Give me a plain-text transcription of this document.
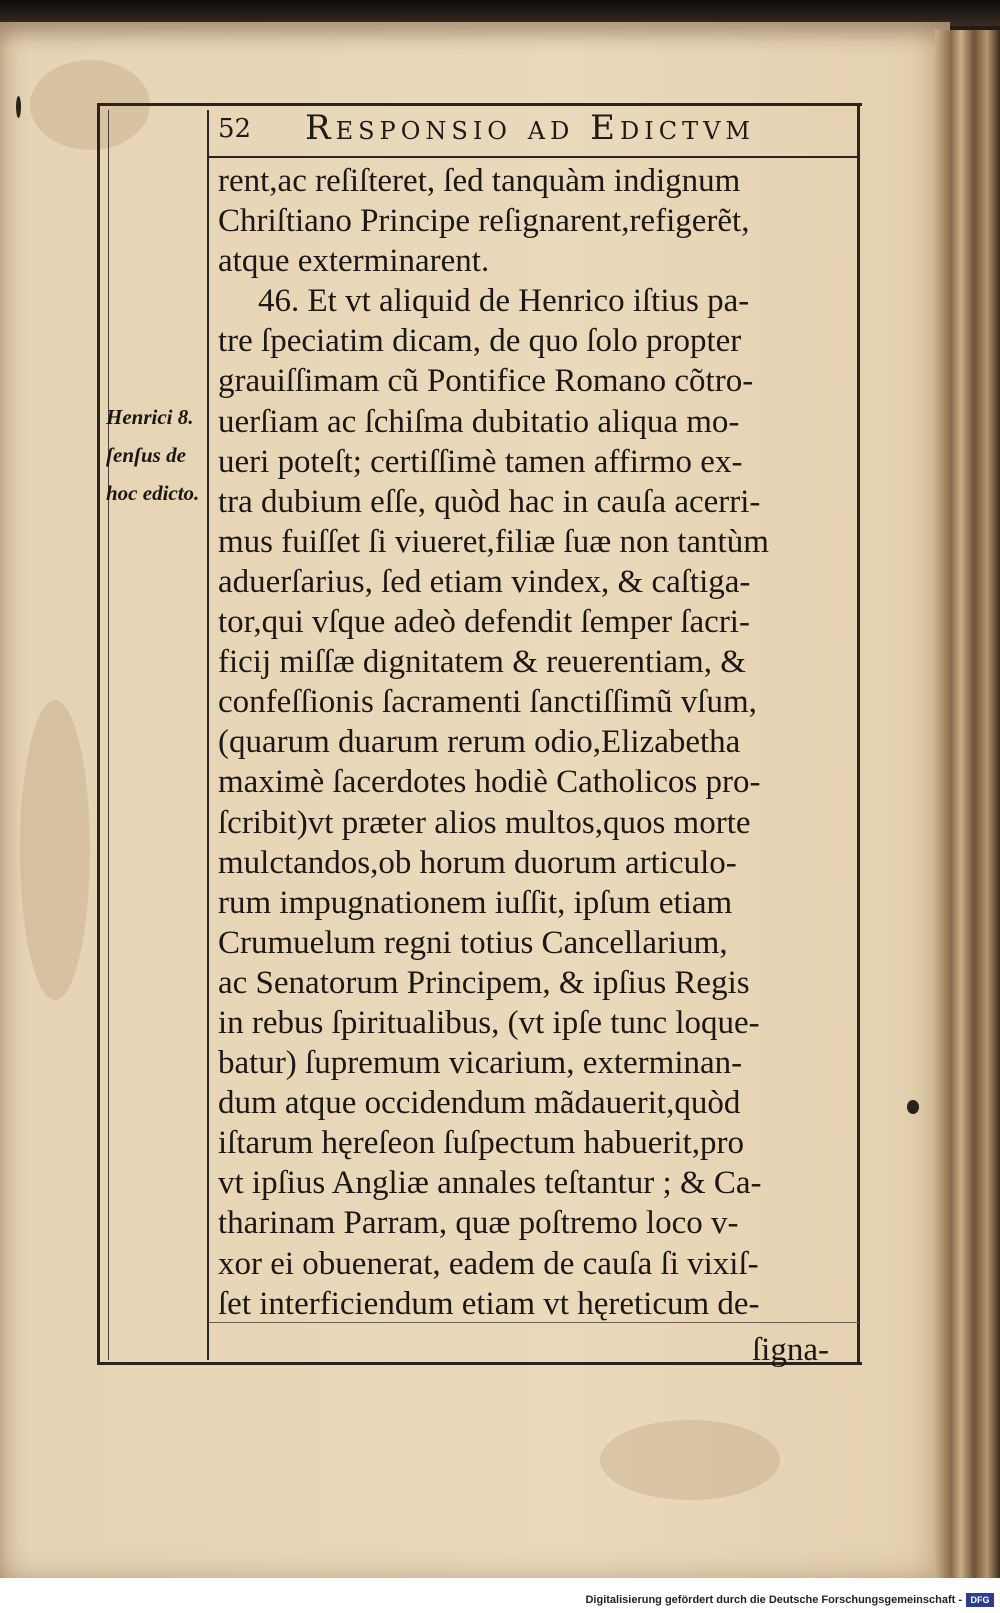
52 Responsio ad Edictvm
Henrici 8.
ſenſus de
hoc edicto.
rent,ac reſiſteret, ſed tanquàm indignum
Chriſtiano Principe reſignarent,refigerẽt,
atque exterminarent.
46. Et vt aliquid de Henrico iſtius pa-
tre ſpeciatim dicam, de quo ſolo propter
grauiſſimam cũ Pontifice Romano cõtro-
uerſiam ac ſchiſma dubitatio aliqua mo-
ueri poteſt; certiſſimè tamen affirmo ex-
tra dubium eſſe, quòd hac in cauſa acerri-
mus fuiſſet ſi viueret,filiæ ſuæ non tantùm
aduerſarius, ſed etiam vindex, & caſtiga-
tor,qui vſque adeò defendit ſemper ſacri-
ficij miſſæ dignitatem & reuerentiam, &
confeſſionis ſacramenti ſanctiſſimũ vſum,
(quarum duarum rerum odio,Elizabetha
maximè ſacerdotes hodiè Catholicos pro-
ſcribit)vt præter alios multos,quos morte
mulctandos,ob horum duorum articulo-
rum impugnationem iuſſit, ipſum etiam
Crumuelum regni totius Cancellarium,
ac Senatorum Principem, & ipſius Regis
in rebus ſpiritualibus, (vt ipſe tunc loque-
batur) ſupremum vicarium, exterminan-
dum atque occidendum mãdauerit,quòd
iſtarum hęreſeon ſuſpectum habuerit,pro
vt ipſius Angliæ annales teſtantur ; & Ca-
tharinam Parram, quæ poſtremo loco v-
xor ei obuenerat, eadem de cauſa ſi vixiſ-
ſet interficiendum etiam vt hęreticum de-
ſigna-
Digitalisierung gefördert durch die Deutsche Forschungsgemeinschaft - DFG
